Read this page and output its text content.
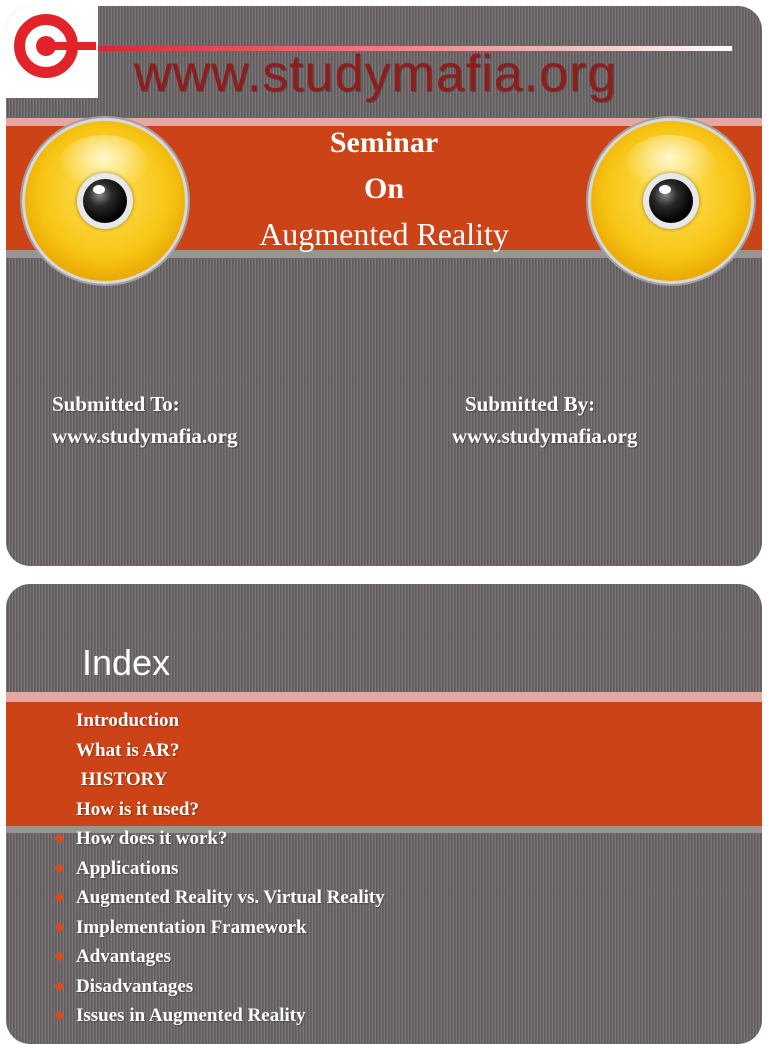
www.studymafia.org
Seminar
On
Augmented Reality
Submitted To:
www.studymafia.org
Submitted By:
www.studymafia.org
Index
Introduction
What is AR?
HISTORY
How is it used?
How does it work?
Applications
Augmented Reality vs. Virtual Reality
Implementation Framework
Advantages
Disadvantages
Issues in Augmented Reality
